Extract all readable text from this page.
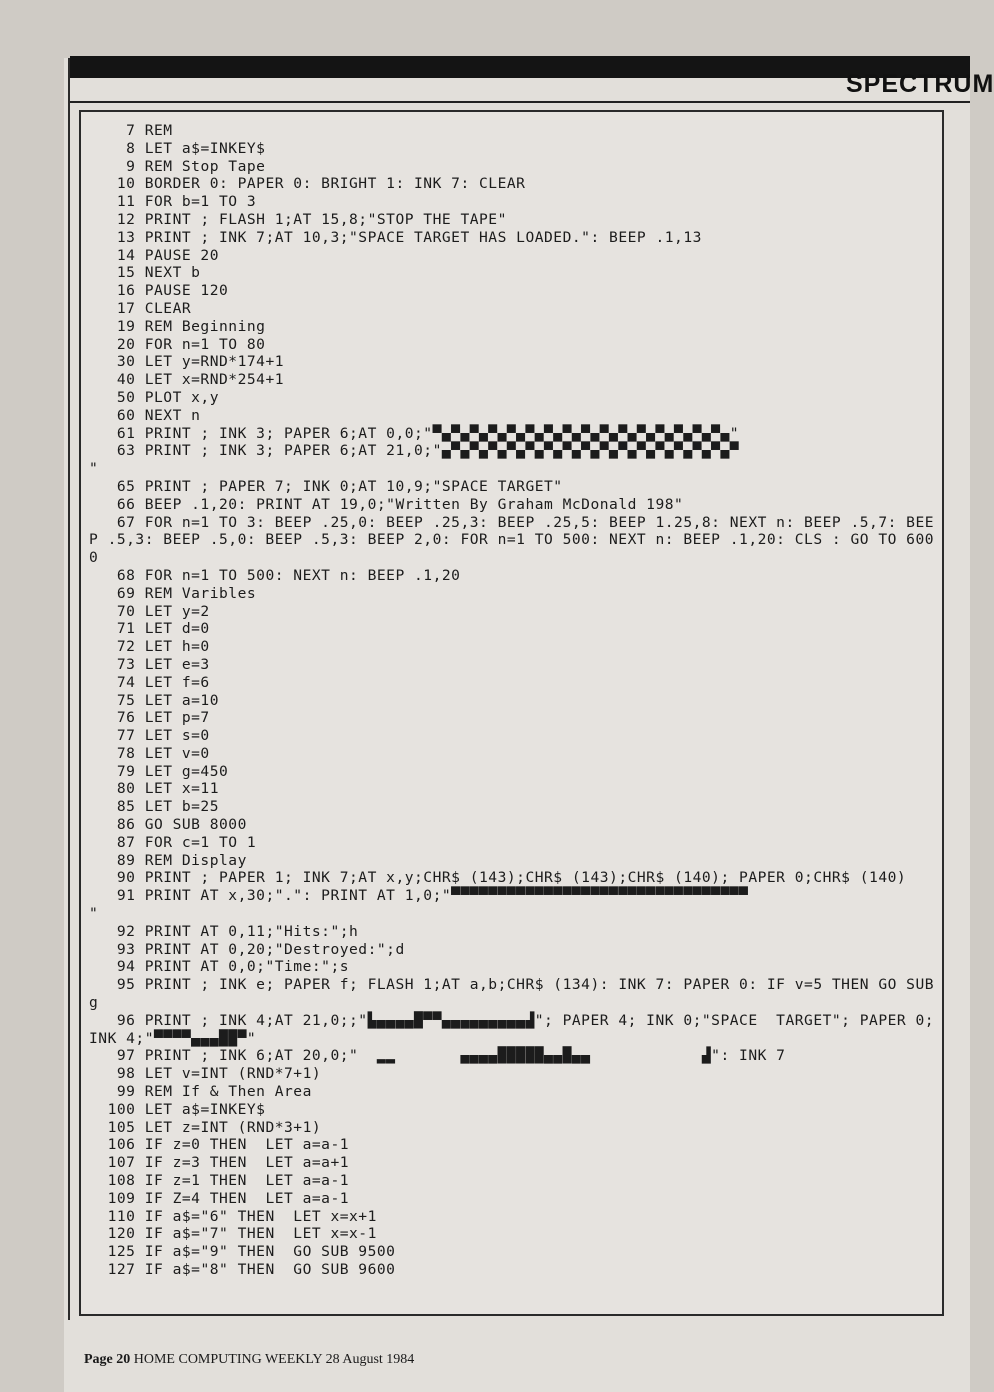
SPECTRUM
7 REM
8 LET a$=INKEY$
9 REM Stop Tape
10 BORDER 0: PAPER 0: BRIGHT 1: INK 7: CLEAR
11 FOR b=1 TO 3
12 PRINT ; FLASH 1;AT 15,8;"STOP THE TAPE"
13 PRINT ; INK 7;AT 10,3;"SPACE TARGET HAS LOADED.": BEEP .1,13
14 PAUSE 20
15 NEXT b
16 PAUSE 120
17 CLEAR
19 REM Beginning
20 FOR n=1 TO 80
30 LET y=RND*174+1
40 LET x=RND*254+1
50 PLOT x,y
60 NEXT n
61 PRINT ; INK 3; PAPER 6;AT 0,0;"▀▄▀▄▀▄▀▄▀▄▀▄▀▄▀▄▀▄▀▄▀▄▀▄▀▄▀▄▀▄▀▄"
63 PRINT ; INK 3; PAPER 6;AT 21,0;"▄▀▄▀▄▀▄▀▄▀▄▀▄▀▄▀▄▀▄▀▄▀▄▀▄▀▄▀▄▀▄▀
"
65 PRINT ; PAPER 7; INK 0;AT 10,9;"SPACE TARGET"
66 BEEP .1,20: PRINT AT 19,0;"Written By Graham McDonald 198"
67 FOR n=1 TO 3: BEEP .25,0: BEEP .25,3: BEEP .25,5: BEEP 1.25,8: NEXT n: BEEP .5,7: BEEP .5,3: BEEP .5,0: BEEP .5,3: BEEP 2,0: FOR n=1 TO 500: NEXT n: BEEP .1,20: CLS : GO TO 6000
68 FOR n=1 TO 500: NEXT n: BEEP .1,20
69 REM Varibles
70 LET y=2
71 LET d=0
72 LET h=0
73 LET e=3
74 LET f=6
75 LET a=10
76 LET p=7
77 LET s=0
78 LET v=0
79 LET g=450
80 LET x=11
85 LET b=25
86 GO SUB 8000
87 FOR c=1 TO 1
89 REM Display
90 PRINT ; PAPER 1; INK 7;AT x,y;CHR$ (143);CHR$ (143);CHR$ (140); PAPER 0;CHR$ (140)
91 PRINT AT x,30;".": PRINT AT 1,0;"▀▀▀▀▀▀▀▀▀▀▀▀▀▀▀▀▀▀▀▀▀▀▀▀▀▀▀▀▀▀▀▀
"
92 PRINT AT 0,11;"Hits:";h
93 PRINT AT 0,20;"Destroyed:";d
94 PRINT AT 0,0;"Time:";s
95 PRINT ; INK e; PAPER f; FLASH 1;AT a,b;CHR$ (134): INK 7: PAPER 0: IF v=5 THEN GO SUB g
96 PRINT ; INK 4;AT 21,0;;"▙▄▄▄▄█▀▀▄▄▄▄▄▄▄▄▄▟"; PAPER 4; INK 0;"SPACE  TARGET"; PAPER 0; INK 4;"▀▀▀▀▄▄▄██▀"
97 PRINT ; INK 6;AT 20,0;"  ▂▂       ▄▄▄▄█████▄▄█▄▄            ▟": INK 7
98 LET v=INT (RND*7+1)
99 REM If & Then Area
100 LET a$=INKEY$
105 LET z=INT (RND*3+1)
106 IF z=0 THEN  LET a=a-1
107 IF z=3 THEN  LET a=a+1
108 IF z=1 THEN  LET a=a-1
109 IF Z=4 THEN  LET a=a-1
110 IF a$="6" THEN  LET x=x+1
120 IF a$="7" THEN  LET x=x-1
125 IF a$="9" THEN  GO SUB 9500
127 IF a$="8" THEN  GO SUB 9600
Page 20 HOME COMPUTING WEEKLY 28 August 1984
